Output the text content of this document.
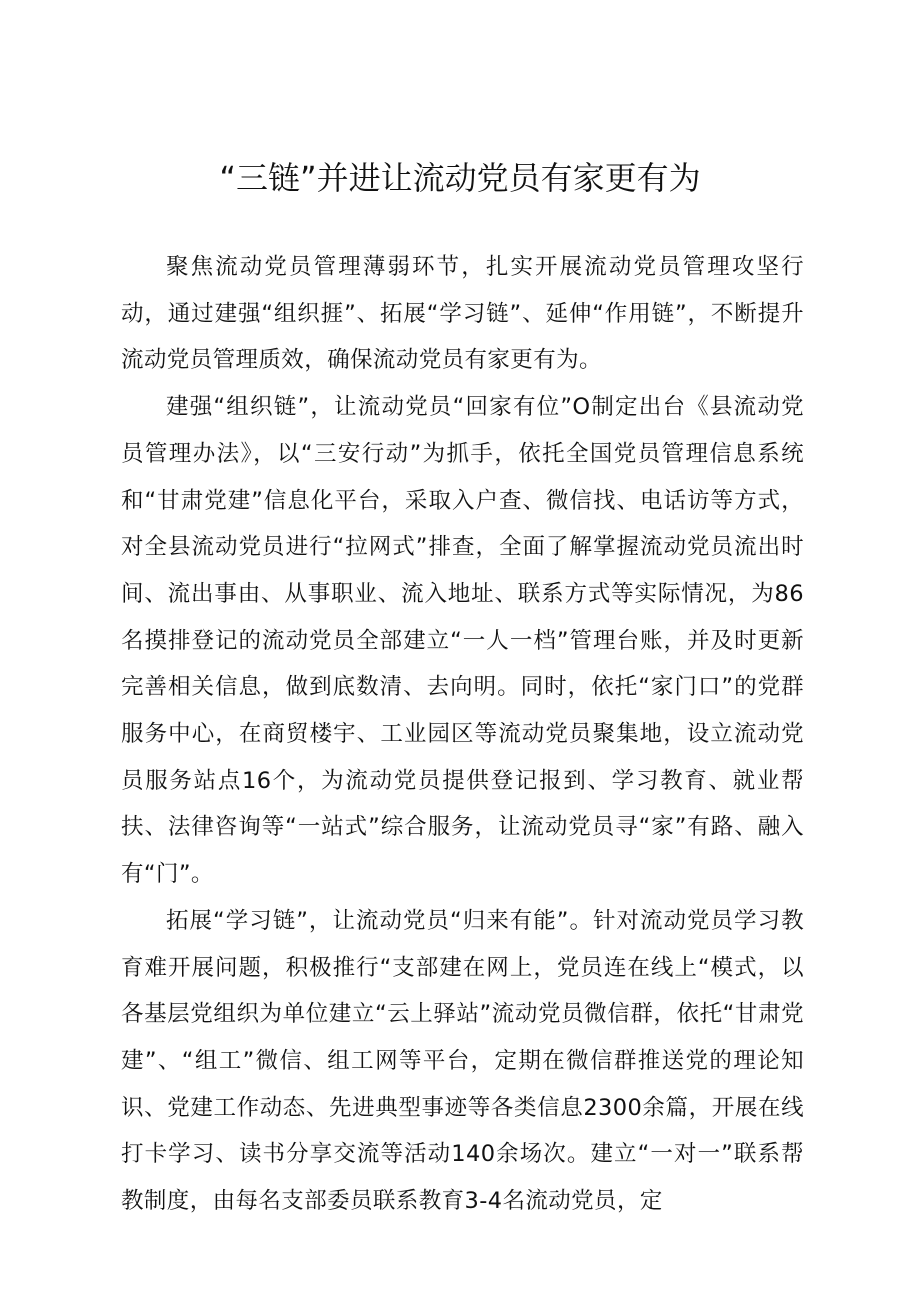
“三链”并进让流动党员有家更有为

聚焦流动党员管理薄弱环节，扎实开展流动党员管理攻坚行动，通过建强“组织捱”、拓展“学习链”、延伸“作用链”，不断提升流动党员管理质效，确保流动党员有家更有为。

建强“组织链”，让流动党员“回家有位”O制定出台《县流动党员管理办法》，以“三安行动”为抓手，依托全国党员管理信息系统和“甘肃党建”信息化平台，采取入户查、微信找、电话访等方式，对全县流动党员进行“拉网式”排查，全面了解掌握流动党员流出时间、流出事由、从事职业、流入地址、联系方式等实际情况，为86名摸排登记的流动党员全部建立“一人一档”管理台账，并及时更新完善相关信息，做到底数清、去向明。同时，依托“家门口”的党群服务中心，在商贸楼宇、工业园区等流动党员聚集地，设立流动党员服务站点16个，为流动党员提供登记报到、学习教育、就业帮扶、法律咨询等“一站式”综合服务，让流动党员寻“家”有路、融入有“门”。

拓展“学习链”，让流动党员“归来有能”。针对流动党员学习教育难开展问题，积极推行“支部建在网上，党员连在线上“模式，以各基层党组织为单位建立“云上驿站”流动党员微信群，依托“甘肃党建”、“组工”微信、组工网等平台，定期在微信群推送党的理论知识、党建工作动态、先进典型事迹等各类信息2300余篇，开展在线打卡学习、读书分享交流等活动140余场次。建立“一对一”联系帮教制度，由每名支部委员联系教育3-4名流动党员，定
